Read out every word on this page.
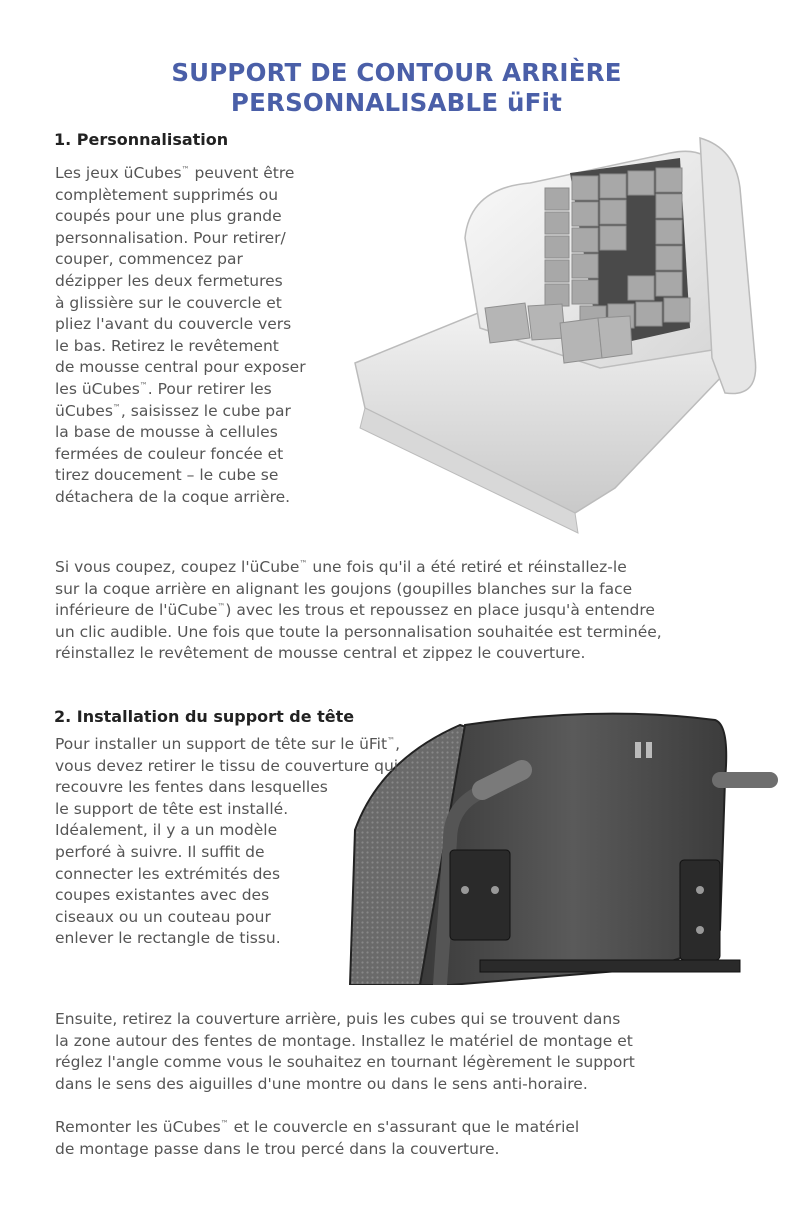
SUPPORT DE CONTOUR ARRIÈRE
PERSONNALISABLE üFit
1. Personnalisation
Les jeux üCubes™ peuvent être
complètement supprimés ou
coupés pour une plus grande
personnalisation. Pour retirer/
couper, commencez par
dézipper les deux fermetures
à glissière sur le couvercle et
pliez l'avant du couvercle vers
le bas. Retirez le revêtement
de mousse central pour exposer
les üCubes™. Pour retirer les
üCubes™, saisissez le cube par
la base de mousse à cellules
fermées de couleur foncée et
tirez doucement – le cube se
détachera de la coque arrière.
Si vous coupez, coupez l'üCube™ une fois qu'il a été retiré et réinstallez-le
sur la coque arrière en alignant les goujons (goupilles blanches sur la face
inférieure de l'üCube™) avec les trous et repoussez en place jusqu'à entendre
un clic audible. Une fois que toute la personnalisation souhaitée est terminée,
réinstallez le revêtement de mousse central et zippez le couverture.
2. Installation du support de tête
Pour installer un support de tête sur le üFit™,
vous devez retirer le tissu de couverture qui
recouvre les fentes dans lesquelles
le support de tête est installé.
Idéalement, il y a un modèle
perforé à suivre. Il suffit de
connecter les extrémités des
coupes existantes avec des
ciseaux ou un couteau pour
enlever le rectangle de tissu.
Ensuite, retirez la couverture arrière, puis les cubes qui se trouvent dans
la zone autour des fentes de montage. Installez le matériel de montage et
réglez l'angle comme vous le souhaitez en tournant légèrement le support
dans le sens des aiguilles d'une montre ou dans le sens anti-horaire.
Remonter les üCubes™ et le couvercle en s'assurant que le matériel
de montage passe dans le trou percé dans la couverture.
